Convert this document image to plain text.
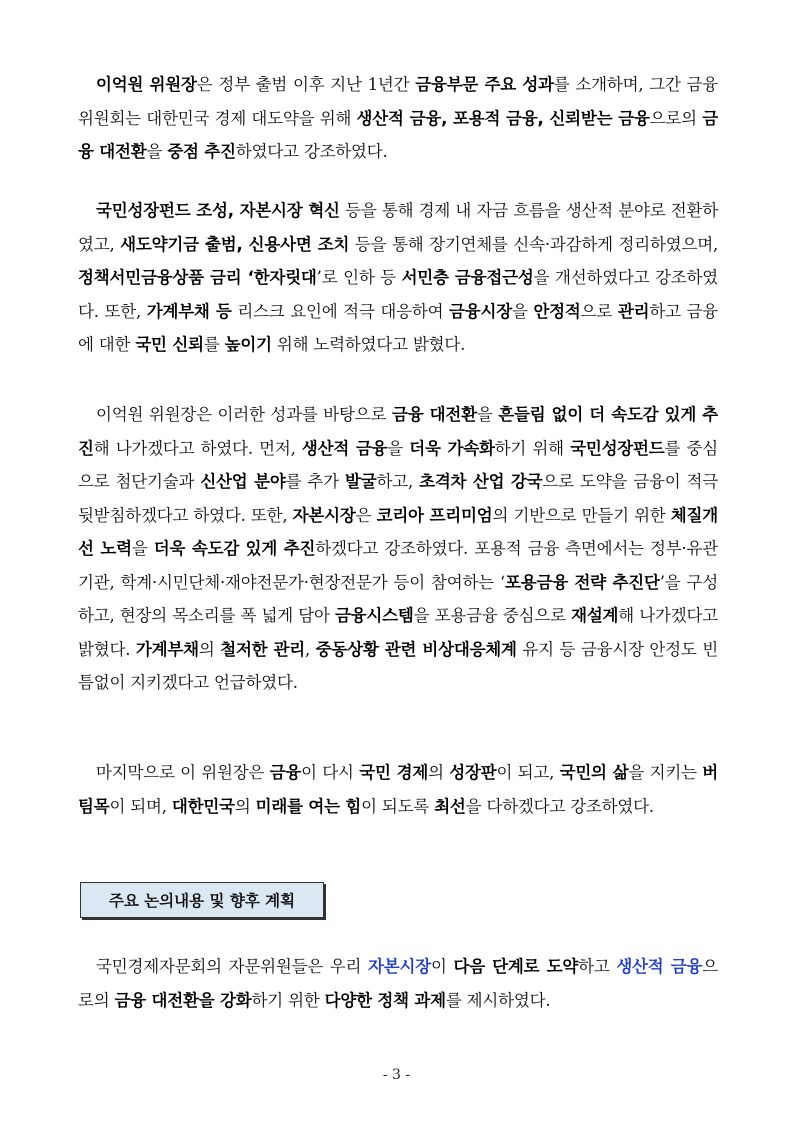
이억원 위원장은 정부 출범 이후 지난 1년간 금융부문 주요 성과를 소개하며, 그간 금융위원회는 대한민국 경제 대도약을 위해 생산적 금융, 포용적 금융, 신뢰받는 금융으로의 금융 대전환을 중점 추진하였다고 강조하였다.

국민성장펀드 조성, 자본시장 혁신 등을 통해 경제 내 자금 흐름을 생산적 분야로 전환하였고, 새도약기금 출범, 신용사면 조치 등을 통해 장기연체를 신속·과감하게 정리하였으며, 정책서민금융상품 금리 ‘한자릿대’로 인하 등 서민층 금융접근성을 개선하였다고 강조하였다. 또한, 가계부채 등 리스크 요인에 적극 대응하여 금융시장을 안정적으로 관리하고 금융에 대한 국민 신뢰를 높이기 위해 노력하였다고 밝혔다.

이억원 위원장은 이러한 성과를 바탕으로 금융 대전환을 흔들림 없이 더 속도감 있게 추진해 나가겠다고 하였다. 먼저, 생산적 금융을 더욱 가속화하기 위해 국민성장펀드를 중심으로 첨단기술과 신산업 분야를 추가 발굴하고, 초격차 산업 강국으로 도약을 금융이 적극 뒷받침하겠다고 하였다. 또한, 자본시장은 코리아 프리미엄의 기반으로 만들기 위한 체질개선 노력을 더욱 속도감 있게 추진하겠다고 강조하였다. 포용적 금융 측면에서는 정부·유관기관, 학계·시민단체·재야전문가·현장전문가 등이 참여하는 ‘포용금융 전략 추진단’을 구성하고, 현장의 목소리를 폭 넓게 담아 금융시스템을 포용금융 중심으로 재설계해 나가겠다고 밝혔다. 가계부채의 철저한 관리, 중동상황 관련 비상대응체계 유지 등 금융시장 안정도 빈틈없이 지키겠다고 언급하였다.

마지막으로 이 위원장은 금융이 다시 국민 경제의 성장판이 되고, 국민의 삶을 지키는 버팀목이 되며, 대한민국의 미래를 여는 힘이 되도록 최선을 다하겠다고 강조하였다.

주요 논의내용 및 향후 계획

국민경제자문회의 자문위원들은 우리 자본시장이 다음 단계로 도약하고 생산적 금융으로의 금융 대전환을 강화하기 위한 다양한 정책 과제를 제시하였다.

- 3 -
